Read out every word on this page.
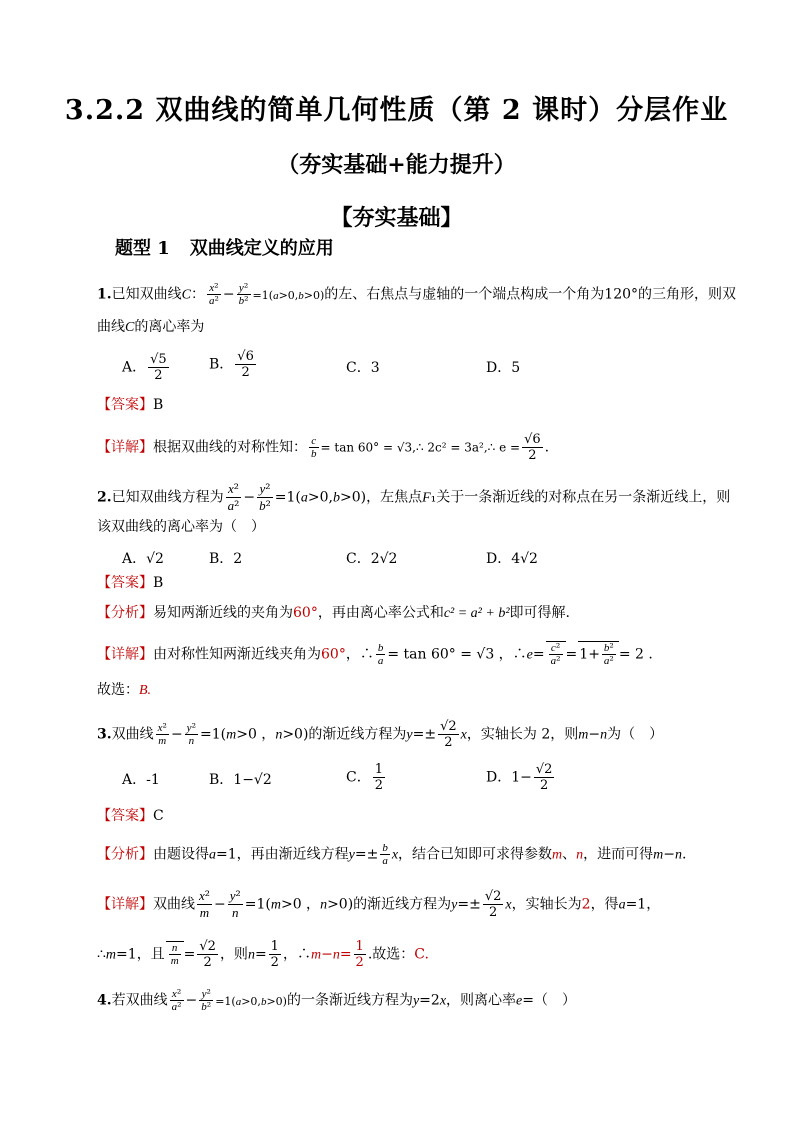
3.2.2 双曲线的简单几何性质（第 2 课时）分层作业
（夯实基础+能力提升）
【夯实基础】
题型 1 双曲线定义的应用
1.已知双曲线C： $\frac{\text{x²}}{\text{a²}} - \frac{\text{y²}}{\text{b²}} =1(a>0,b>0)$的左、右焦点与虚轴的一个端点构成一个角为120°的三角形，则双
曲线C的离心率为
A． $\frac{√5}{2}$	B． $\frac{√6}{2}$	C．3	D．5
【答案】B
【详解】根据双曲线的对称性知： $\frac{c}{b} = \tan 60^\circ$ = √3,∴ 2c² = 3a²,∴ $e = \frac{√6}{2}$ .
2.已知双曲线方程为 $\frac{\text{x²}}{\text{a²}} - \frac{\text{y²}}{\text{b²}} =1(a>0,b>0)$，左焦点F₁关于一条渐近线的对称点在另一条渐近线上，则
该双曲线的离心率为（　）
A．√2	B．2	C．2√2	D．4√2
【答案】B
【分析】易知两渐近线的夹角为60°，再由离心率公式和c² = a² + b²即可得解.
【详解】由对称性知两渐近线夹角为60°，∴ $\frac{b}{a} = \tan 60^\circ = √3$ ，∴e= $\frac{\text{c²}}{\text{a²}} = 1+ \frac{\text{b²}}{\text{a²}} = 2$ .
故选：B.
3.双曲线 $\frac{\text{x²}}{m} - \frac{\text{y²}}{n} =1(m>0$ ，n>0)的渐近线方程为$y=\pm \frac{√2}{2}$ x，实轴长为 2，则m−n为（　）
A．-1	B．1−√2	C． $\frac{1}{2}$	D．$1- \frac{√2}{2}$
【答案】C
【分析】由题设得a=1，再由渐近线方程$y=\pm \frac{b}{a}$ x，结合已知即可求得参数m、n，进而可得m−n.
【详解】双曲线 $\frac{\text{x²}}{m} - \frac{\text{y²}}{n} =1(m>0$ ，n>0)的渐近线方程为$y=\pm \frac{√2}{2}$ x，实轴长为2，得a=1，
∴m=1，且 $\frac{n}{m} = \frac{√2}{2}$ ，则$n= \frac{1}{2}$ ，∴m−n= $\frac{1}{2}$ .故选：C.
4.若双曲线 $\frac{\text{x²}}{\text{a²}} - \frac{\text{y²}}{\text{b²}} =1(a>0,b>0)$的一条渐近线方程为y=2x，则离心率e=（　）
